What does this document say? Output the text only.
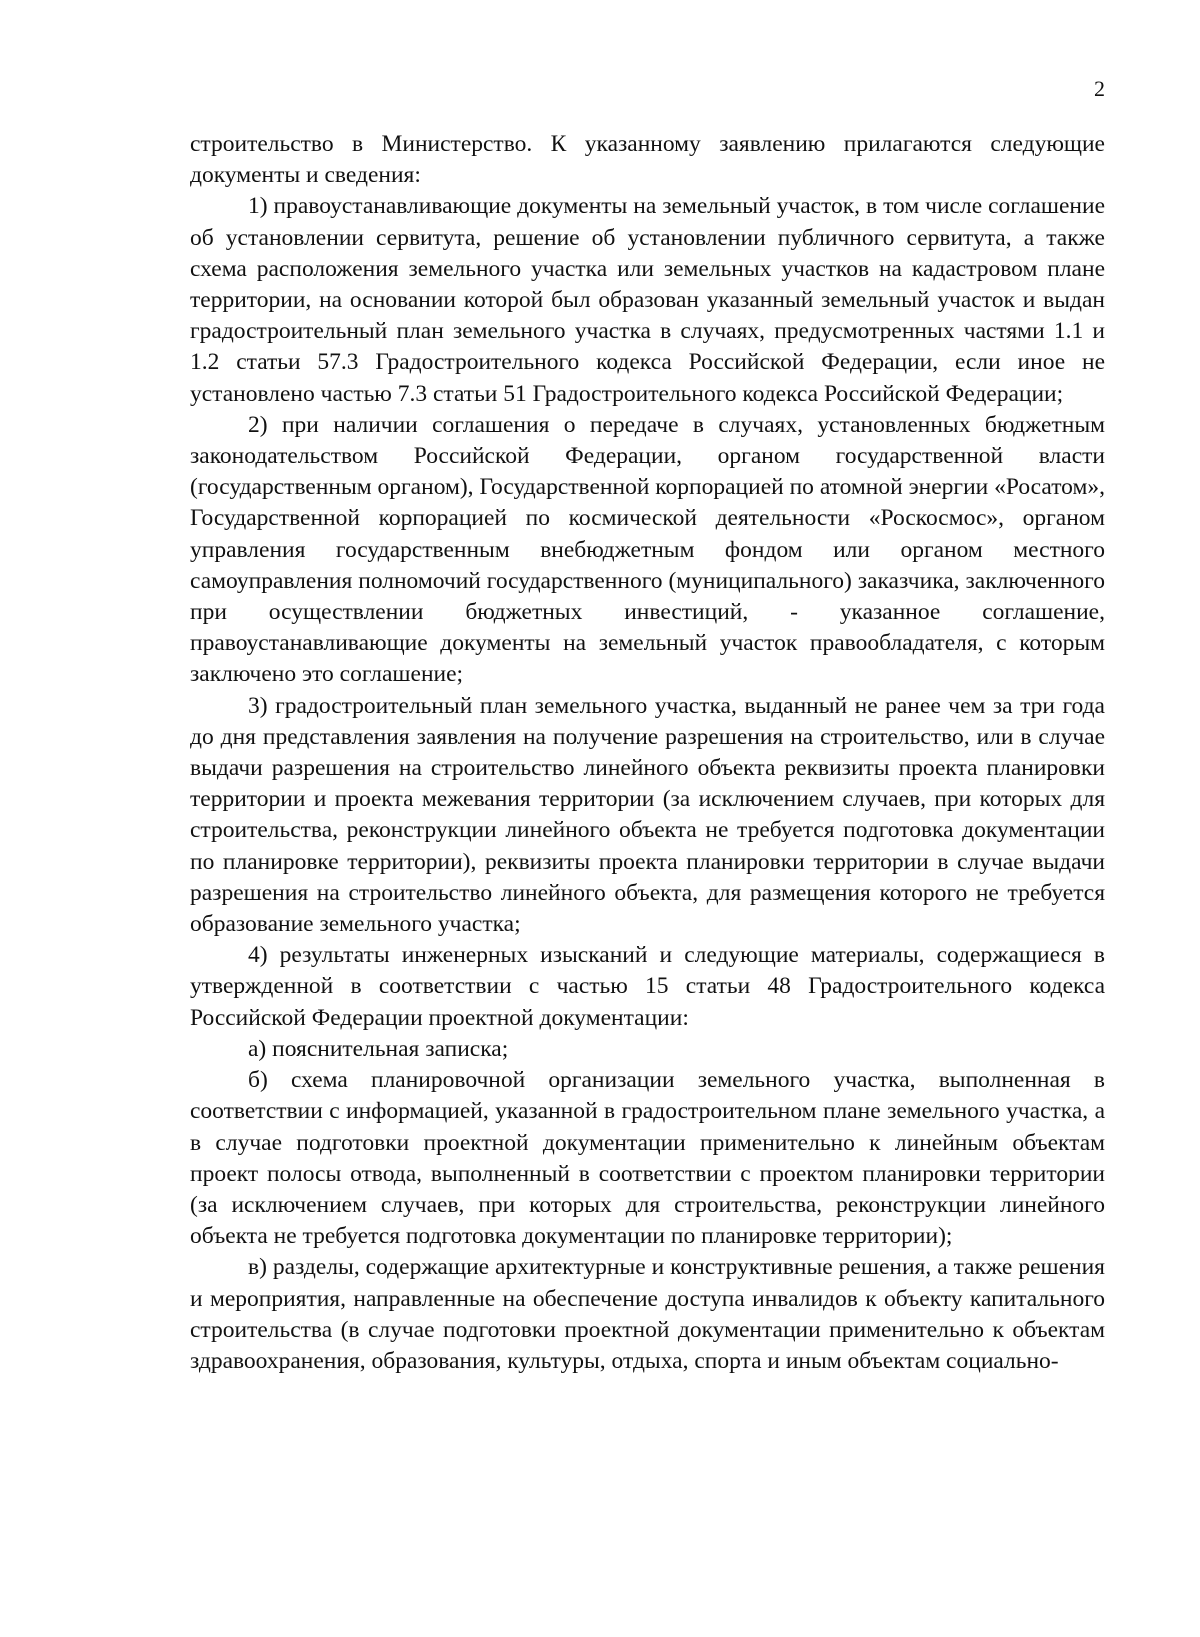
2

строительство в Министерство. К указанному заявлению прилагаются следующие документы и сведения:

1) правоустанавливающие документы на земельный участок, в том числе соглашение об установлении сервитута, решение об установлении публичного сервитута, а также схема расположения земельного участка или земельных участков на кадастровом плане территории, на основании которой был образован указанный земельный участок и выдан градостроительный план земельного участка в случаях, предусмотренных частями 1.1 и 1.2 статьи 57.3 Градостроительного кодекса Российской Федерации, если иное не установлено частью 7.3 статьи 51 Градостроительного кодекса Российской Федерации;

2) при наличии соглашения о передаче в случаях, установленных бюджетным законодательством Российской Федерации, органом государственной власти (государственным органом), Государственной корпорацией по атомной энергии «Росатом», Государственной корпорацией по космической деятельности «Роскосмос», органом управления государственным внебюджетным фондом или органом местного самоуправления полномочий государственного (муниципального) заказчика, заключенного при осуществлении бюджетных инвестиций, - указанное соглашение, правоустанавливающие документы на земельный участок правообладателя, с которым заключено это соглашение;

3) градостроительный план земельного участка, выданный не ранее чем за три года до дня представления заявления на получение разрешения на строительство, или в случае выдачи разрешения на строительство линейного объекта реквизиты проекта планировки территории и проекта межевания территории (за исключением случаев, при которых для строительства, реконструкции линейного объекта не требуется подготовка документации по планировке территории), реквизиты проекта планировки территории в случае выдачи разрешения на строительство линейного объекта, для размещения которого не требуется образование земельного участка;

4) результаты инженерных изысканий и следующие материалы, содержащиеся в утвержденной в соответствии с частью 15 статьи 48 Градостроительного кодекса Российской Федерации проектной документации:

а) пояснительная записка;

б) схема планировочной организации земельного участка, выполненная в соответствии с информацией, указанной в градостроительном плане земельного участка, а в случае подготовки проектной документации применительно к линейным объектам проект полосы отвода, выполненный в соответствии с проектом планировки территории (за исключением случаев, при которых для строительства, реконструкции линейного объекта не требуется подготовка документации по планировке территории);

в) разделы, содержащие архитектурные и конструктивные решения, а также решения и мероприятия, направленные на обеспечение доступа инвалидов к объекту капитального строительства (в случае подготовки проектной документации применительно к объектам здравоохранения, образования, культуры, отдыха, спорта и иным объектам социально-
